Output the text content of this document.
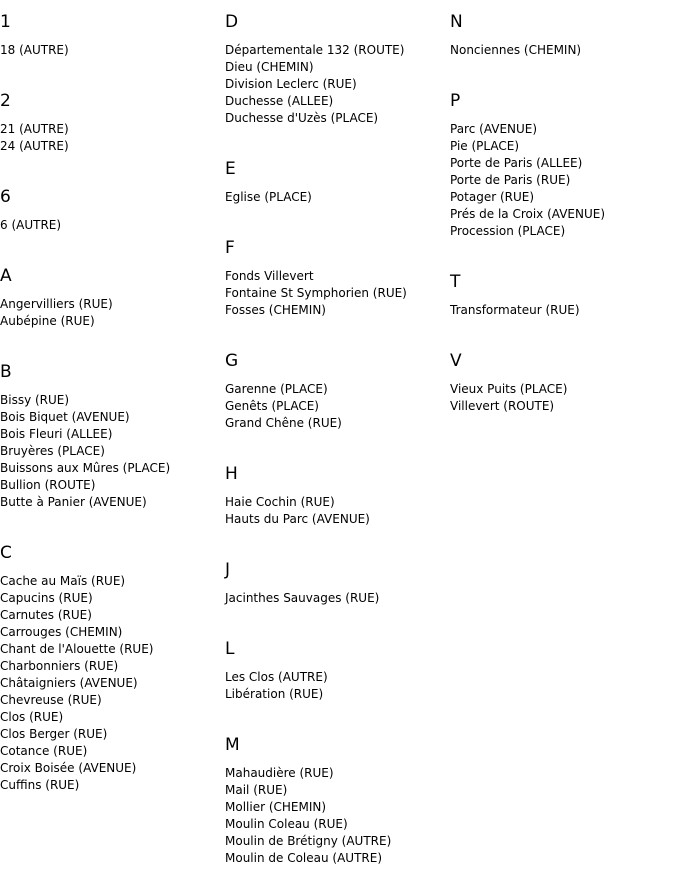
1
18 (AUTRE)
2
21 (AUTRE)
24 (AUTRE)
6
6 (AUTRE)
A
Angervilliers (RUE)
Aubépine (RUE)
B
Bissy (RUE)
Bois Biquet (AVENUE)
Bois Fleuri (ALLEE)
Bruyères (PLACE)
Buissons aux Mûres (PLACE)
Bullion (ROUTE)
Butte à Panier (AVENUE)
C
Cache au Maïs (RUE)
Capucins (RUE)
Carnutes (RUE)
Carrouges (CHEMIN)
Chant de l'Alouette (RUE)
Charbonniers (RUE)
Châtaigniers (AVENUE)
Chevreuse (RUE)
Clos (RUE)
Clos Berger (RUE)
Cotance (RUE)
Croix Boisée (AVENUE)
Cuffins (RUE)
D
Départementale 132 (ROUTE)
Dieu (CHEMIN)
Division Leclerc (RUE)
Duchesse (ALLEE)
Duchesse d'Uzès (PLACE)
E
Eglise (PLACE)
F
Fonds Villevert
Fontaine St Symphorien (RUE)
Fosses (CHEMIN)
G
Garenne (PLACE)
Genêts (PLACE)
Grand Chêne (RUE)
H
Haie Cochin (RUE)
Hauts du Parc (AVENUE)
J
Jacinthes Sauvages (RUE)
L
Les Clos (AUTRE)
Libération (RUE)
M
Mahaudière (RUE)
Mail (RUE)
Mollier (CHEMIN)
Moulin Coleau (RUE)
Moulin de Brétigny (AUTRE)
Moulin de Coleau (AUTRE)
N
Nonciennes (CHEMIN)
P
Parc (AVENUE)
Pie (PLACE)
Porte de Paris (ALLEE)
Porte de Paris (RUE)
Potager (RUE)
Prés de la Croix (AVENUE)
Procession (PLACE)
T
Transformateur (RUE)
V
Vieux Puits (PLACE)
Villevert (ROUTE)
